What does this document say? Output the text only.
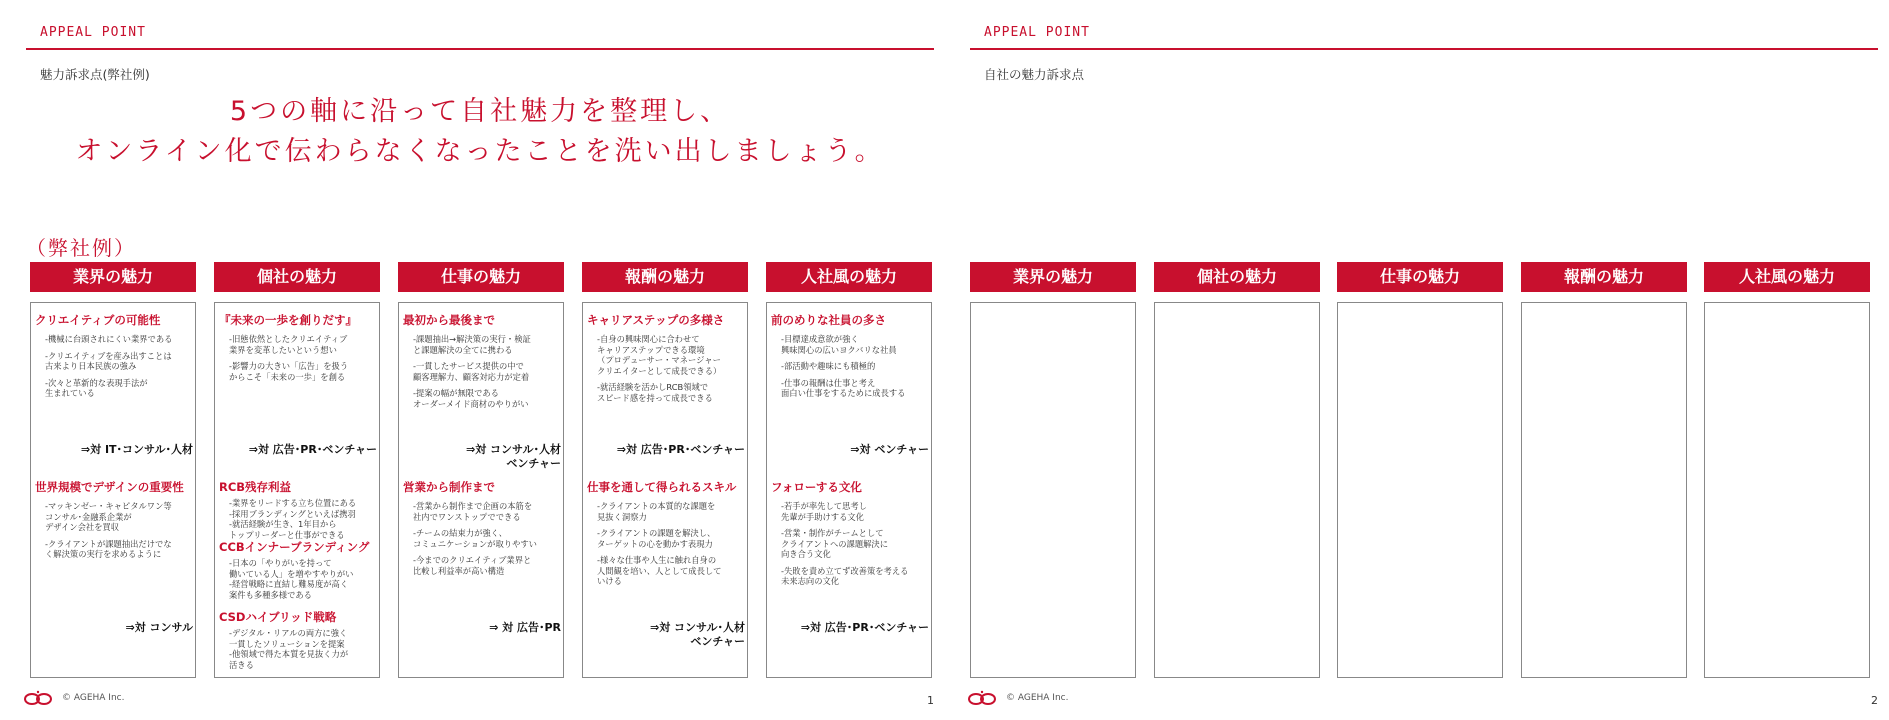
APPEAL POINT
魅力訴求点(弊社例)
5つの軸に沿って自社魅力を整理し、
オンライン化で伝わらなくなったことを洗い出しましょう。
（弊社例）
業界の魅力	個社の魅力	仕事の魅力	報酬の魅力	人社風の魅力
クリエイティブの可能性
-機械に台頭されにくい業界である
-クリエイティブを産み出すことは
古来より日本民族の強み
-次々と革新的な表現手法が
生まれている
⇒対 IT･コンサル･人材
世界規模でデザインの重要性
-マッキンゼー・キャピタルワン等
コンサル･金融系企業が
デザイン会社を買収
-クライアントが課題抽出だけでな
く解決策の実行を求めるように
⇒対 コンサル
『未来の一歩を創りだす』
-旧態依然としたクリエイティブ
業界を変革したいという想い
-影響力の大きい「広告」を扱う
からこそ「未来の一歩」を創る
⇒対 広告･PR･ベンチャー
RCB残存利益
-業界をリードする立ち位置にある
-採用ブランディングといえば携羽
-就活経験が生き、1年目から
トップリーダーと仕事ができる
CCBインナーブランディング
-日本の「やりがいを持って
働いている人」を増やすやりがい
-経営戦略に直結し難易度が高く
案件も多種多様である
CSDハイブリッド戦略
-デジタル・リアルの両方に強く
一貫したソリューションを提案
-他領域で得た本質を見抜く力が
活きる
最初から最後まで
-課題抽出→解決策の実行・検証
と課題解決の全てに携わる
-一貫したサービス提供の中で
顧客理解力、顧客対応力が定着
-提案の幅が無限である
オーダーメイド商材のやりがい
⇒対 コンサル･人材
ベンチャー
営業から制作まで
-営業から制作まで企画の本筋を
社内でワンストップでできる
-チームの結束力が強く、
コミュニケーションが取りやすい
-今までのクリエイティブ業界と
比較し利益率が高い構造
⇒ 対 広告･PR
キャリアステップの多様さ
-自身の興味関心に合わせて
キャリアステップできる環境
（プロデューサー・マネージャー
クリエイターとして成長できる）
-就活経験を活かしRCB領域で
スピード感を持って成長できる
⇒対 広告･PR･ベンチャー
仕事を通して得られるスキル
-クライアントの本質的な課題を
見抜く洞察力
-クライアントの課題を解決し、
ターゲットの心を動かす表現力
-様々な仕事や人生に触れ自身の
人間観を培い、人として成長して
いける
⇒対 コンサル･人材
ベンチャー
前のめりな社員の多さ
-目標達成意欲が強く
興味関心の広いヨクバリな社員
-部活動や趣味にも積極的
-仕事の報酬は仕事と考え
面白い仕事をするために成長する
⇒対 ベンチャー
フォローする文化
-若手が率先して思考し
先輩が手助けする文化
-営業・制作がチームとして
クライアントへの課題解決に
向き合う文化
-失敗を責め立てず改善策を考える
未来志向の文化
⇒対 広告･PR･ベンチャー
© AGEHA Inc.	1
APPEAL POINT
自社の魅力訴求点
業界の魅力	個社の魅力	仕事の魅力	報酬の魅力	人社風の魅力
© AGEHA Inc.	2
